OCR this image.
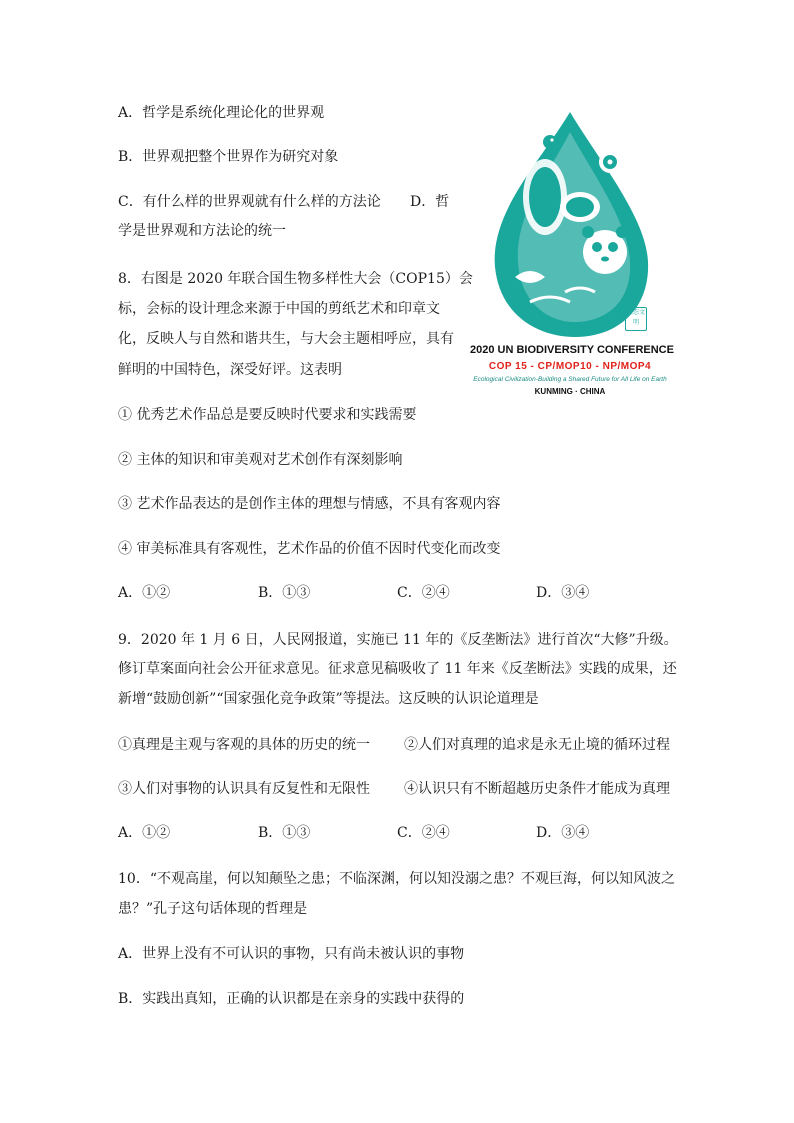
A．哲学是系统化理论化的世界观
B．世界观把整个世界作为研究对象
C．有什么样的世界观就有什么样的方法论 D．哲
学是世界观和方法论的统一
8．右图是 2020 年联合国生物多样性大会（COP15）会
标，会标的设计理念来源于中国的剪纸艺术和印章文
化，反映人与自然和谐共生，与大会主题相呼应，具有
鲜明的中国特色，深受好评。这表明
① 优秀艺术作品总是要反映时代要求和实践需要
② 主体的知识和审美观对艺术创作有深刻影响
③ 艺术作品表达的是创作主体的理想与情感，不具有客观内容
④ 审美标准具有客观性，艺术作品的价值不因时代变化而改变
A．①②	B．①③	C．②④	D．③④
生态文明
2020 UN BIODIVERSITY CONFERENCE
COP 15 - CP/MOP10 - NP/MOP4
Ecological Civilization-Building a Shared Future for All Life on Earth
KUNMING · CHINA
9．2020 年 1 月 6 日，人民网报道，实施已 11 年的《反垄断法》进行首次“大修”升级。
修订草案面向社会公开征求意见。征求意见稿吸收了 11 年来《反垄断法》实践的成果，还
新增“鼓励创新”“国家强化竞争政策”等提法。这反映的认识论道理是
①真理是主观与客观的具体的历史的统一 ②人们对真理的追求是永无止境的循环过程
③人们对事物的认识具有反复性和无限性 ④认识只有不断超越历史条件才能成为真理
A．①②	B．①③	C．②④	D．③④
10．“不观高崖，何以知颠坠之患；不临深渊，何以知没溺之患？不观巨海，何以知风波之
患？”孔子这句话体现的哲理是
A．世界上没有不可认识的事物，只有尚未被认识的事物
B．实践出真知，正确的认识都是在亲身的实践中获得的
